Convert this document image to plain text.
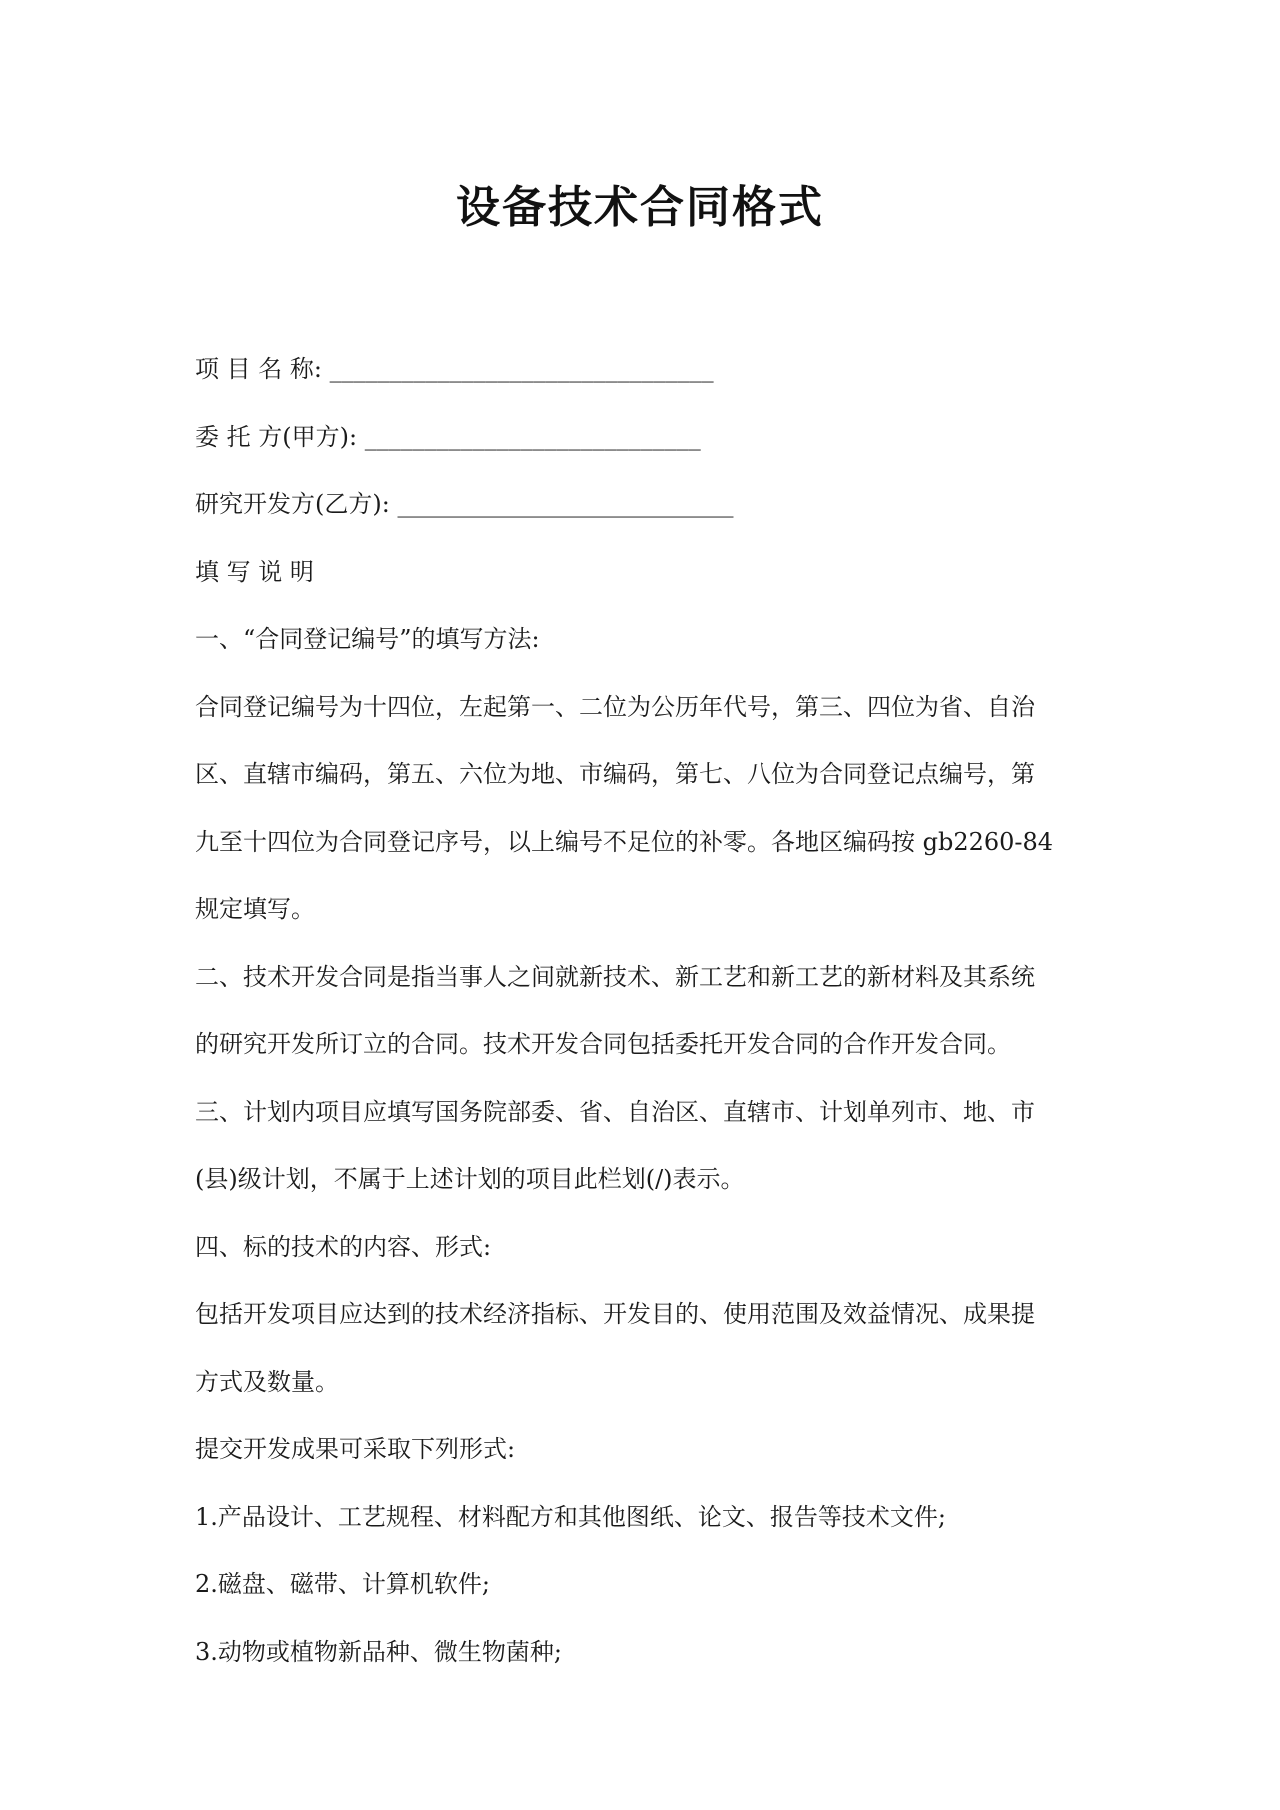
设备技术合同格式
项 目 名 称: ________________________________
委 托 方(甲方): ____________________________
研究开发方(乙方): ____________________________
填 写 说 明
一、“合同登记编号”的填写方法:
合同登记编号为十四位，左起第一、二位为公历年代号，第三、四位为省、自治
区、直辖市编码，第五、六位为地、市编码，第七、八位为合同登记点编号，第
九至十四位为合同登记序号，以上编号不足位的补零。各地区编码按 gb2260-84
规定填写。
二、技术开发合同是指当事人之间就新技术、新工艺和新工艺的新材料及其系统
的研究开发所订立的合同。技术开发合同包括委托开发合同的合作开发合同。
三、计划内项目应填写国务院部委、省、自治区、直辖市、计划单列市、地、市
(县)级计划，不属于上述计划的项目此栏划(/)表示。
四、标的技术的内容、形式:
包括开发项目应达到的技术经济指标、开发目的、使用范围及效益情况、成果提
方式及数量。
提交开发成果可采取下列形式:
1.产品设计、工艺规程、材料配方和其他图纸、论文、报告等技术文件;
2.磁盘、磁带、计算机软件;
3.动物或植物新品种、微生物菌种;
